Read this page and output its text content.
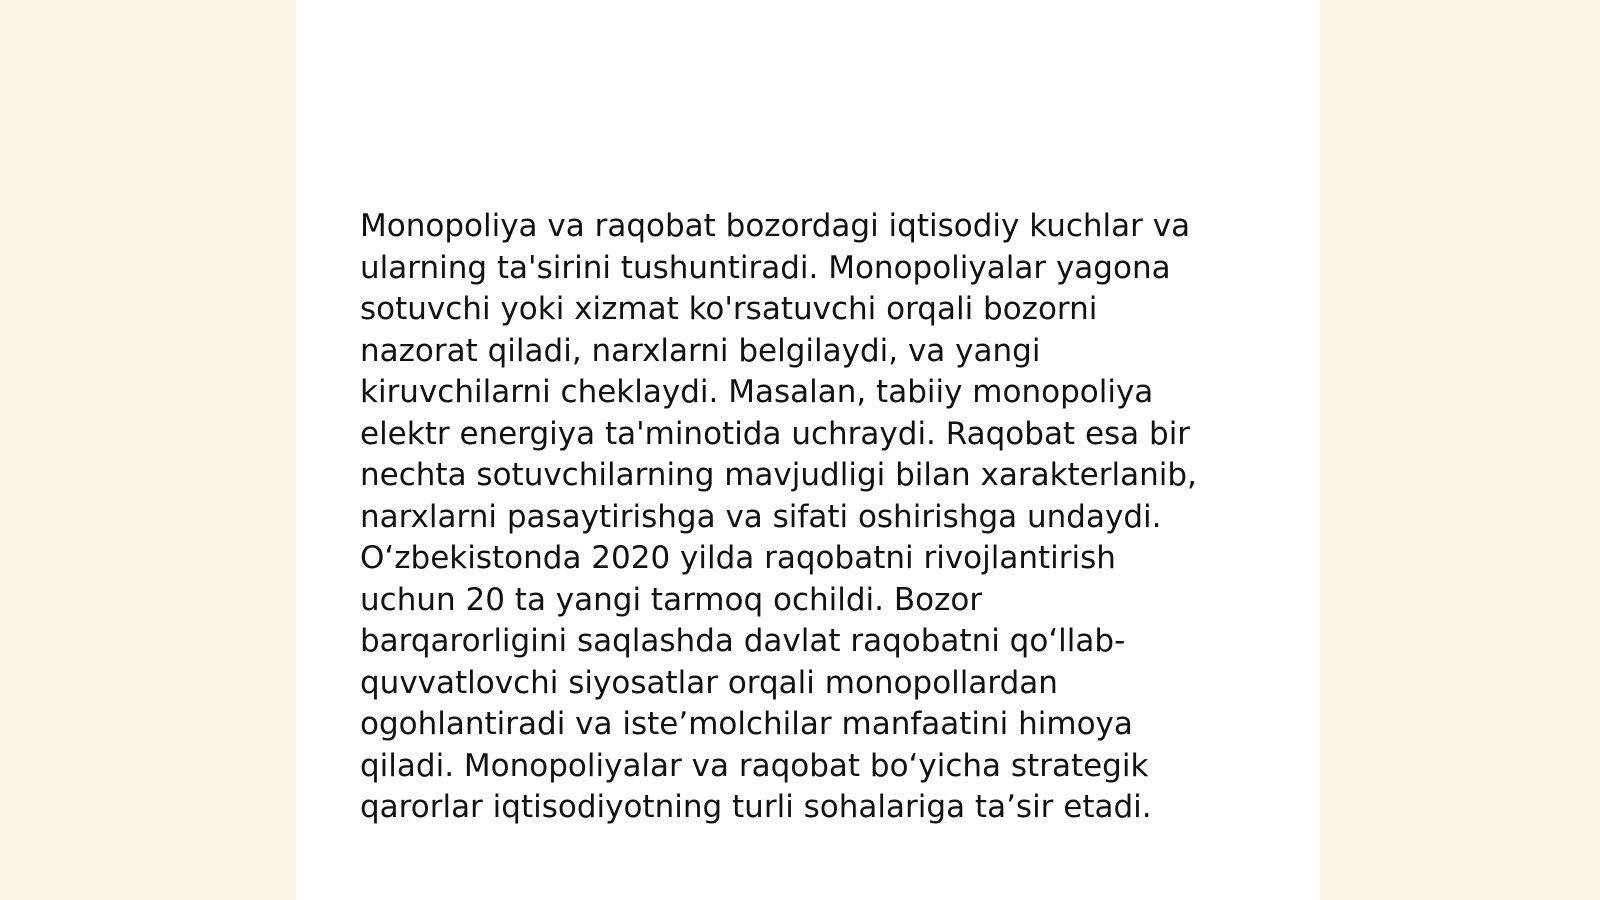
Monopoliya va raqobat bozordagi iqtisodiy kuchlar va
ularning ta'sirini tushuntiradi. Monopoliyalar yagona
sotuvchi yoki xizmat ko'rsatuvchi orqali bozorni
nazorat qiladi, narxlarni belgilaydi, va yangi
kiruvchilarni cheklaydi. Masalan, tabiiy monopoliya
elektr energiya ta'minotida uchraydi. Raqobat esa bir
nechta sotuvchilarning mavjudligi bilan xarakterlanib,
narxlarni pasaytirishga va sifati oshirishga undaydi.
O‘zbekistonda 2020 yilda raqobatni rivojlantirish
uchun 20 ta yangi tarmoq ochildi. Bozor
barqarorligini saqlashda davlat raqobatni qo‘llab-
quvvatlovchi siyosatlar orqali monopollardan
ogohlantiradi va iste’molchilar manfaatini himoya
qiladi. Monopoliyalar va raqobat bo‘yicha strategik
qarorlar iqtisodiyotning turli sohalariga ta’sir etadi.
